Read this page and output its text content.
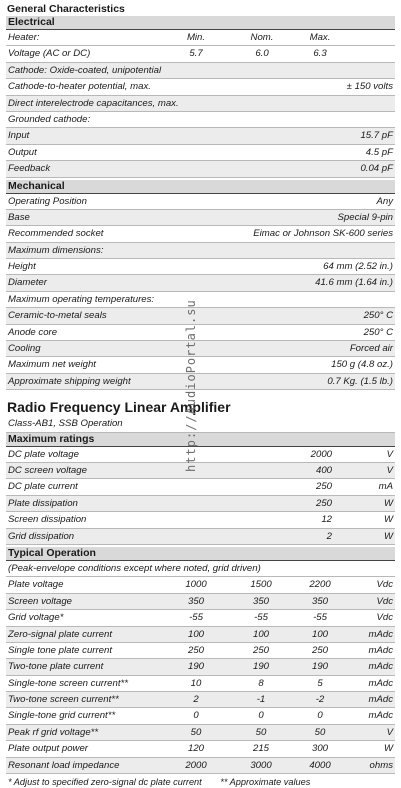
General Characteristics
Electrical
Heater:	Min.	Nom.	Max.
Voltage (AC or DC)	5.7	6.0	6.3
Cathode: Oxide-coated, unipotential
Cathode-to-heater potential, max.	± 150 volts
Direct interelectrode capacitances, max.
Grounded cathode:
Input	15.7 pF
Output	4.5 pF
Feedback	0.04 pF
Mechanical
Operating Position	Any
Base	Special 9-pin
Recommended socket	Eimac or Johnson SK-600 series
Maximum dimensions:
Height	64 mm (2.52 in.)
Diameter	41.6 mm (1.64 in.)
Maximum operating temperatures:
Ceramic-to-metal seals	250° C
Anode core	250° C
Cooling	Forced air
Maximum net weight	150 g (4.8 oz.)
Approximate shipping weight	0.7 Kg. (1.5 lb.)
Radio Frequency Linear Amplifier
Class-AB1, SSB Operation
Maximum ratings
DC plate voltage	2000	V
DC screen voltage	400	V
DC plate current	250	mA
Plate dissipation	250	W
Screen dissipation	12	W
Grid dissipation	2	W
Typical Operation
(Peak-envelope conditions except where noted, grid driven)
Plate voltage	1000	1500	2200	Vdc
Screen voltage	350	350	350	Vdc
Grid voltage*	-55	-55	-55	Vdc
Zero-signal plate current	100	100	100	mAdc
Single tone plate current	250	250	250	mAdc
Two-tone plate current	190	190	190	mAdc
Single-tone screen current**	10	8	5	mAdc
Two-tone screen current**	2	-1	-2	mAdc
Single-tone grid current**	0	0	0	mAdc
Peak rf grid voltage**	50	50	50	V
Plate output power	120	215	300	W
Resonant load impedance	2000	3000	4000	ohms
* Adjust to specified zero-signal dc plate current ** Approximate values
http://AudioPortal.su
